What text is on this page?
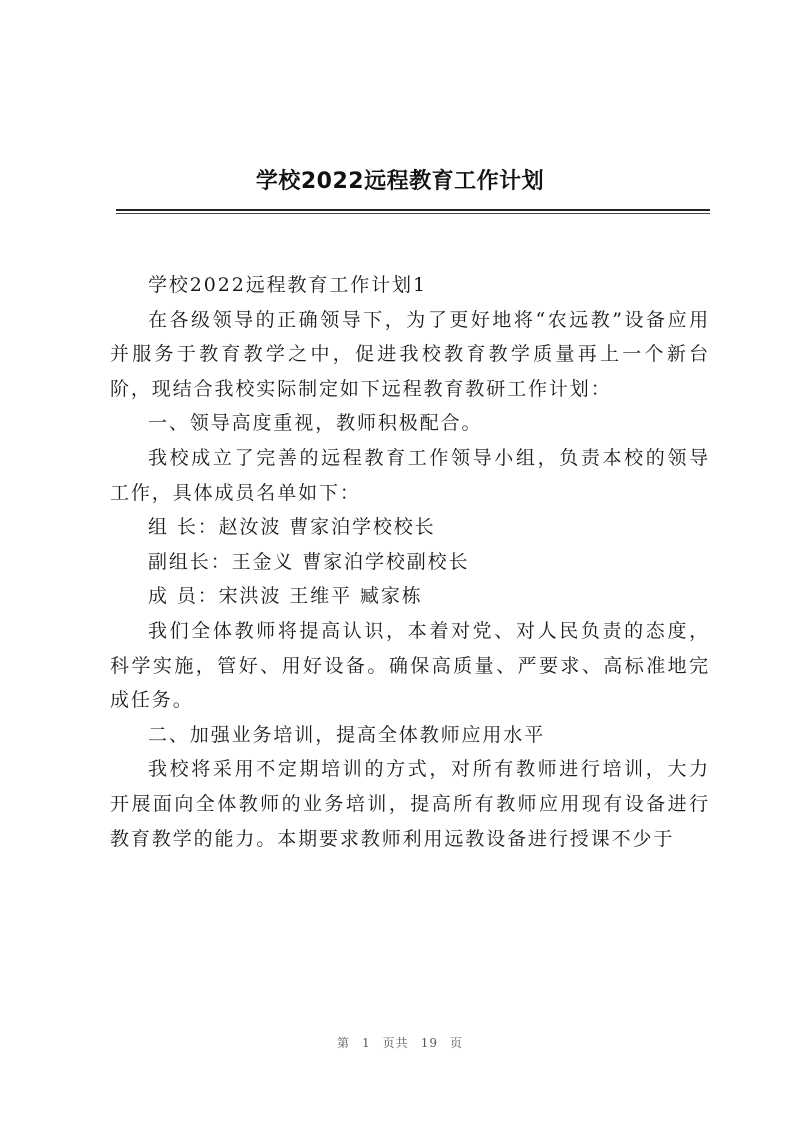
学校2022远程教育工作计划

学校2022远程教育工作计划1

在各级领导的正确领导下，为了更好地将“农远教”设备应用并服务于教育教学之中，促进我校教育教学质量再上一个新台阶，现结合我校实际制定如下远程教育教研工作计划：

一、领导高度重视，教师积极配合。

我校成立了完善的远程教育工作领导小组，负责本校的领导工作，具体成员名单如下：

组 长：赵汝波 曹家泊学校校长

副组长：王金义 曹家泊学校副校长

成 员：宋洪波 王维平 臧家栋

我们全体教师将提高认识，本着对党、对人民负责的态度，科学实施，管好、用好设备。确保高质量、严要求、高标准地完成任务。

二、加强业务培训，提高全体教师应用水平

我校将采用不定期培训的方式，对所有教师进行培训，大力开展面向全体教师的业务培训，提高所有教师应用现有设备进行教育教学的能力。本期要求教师利用远教设备进行授课不少于

第 1 页共 19 页
